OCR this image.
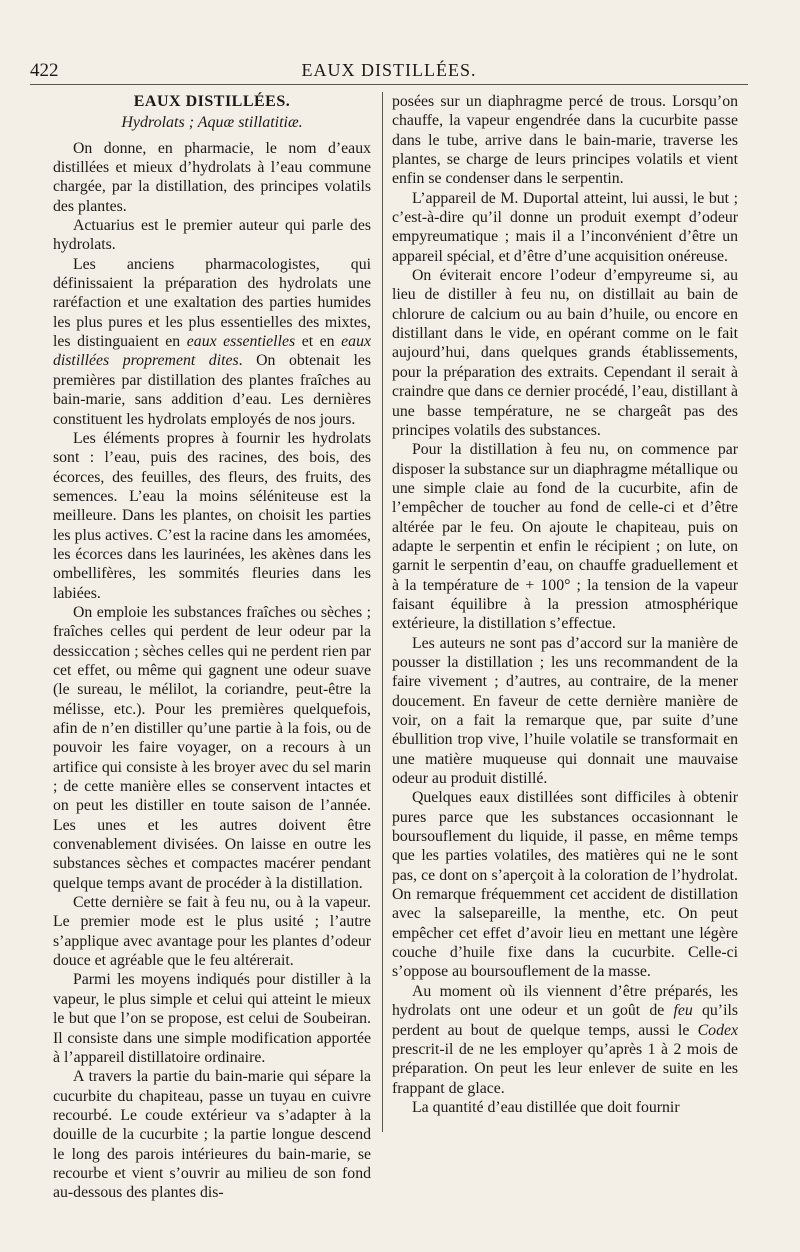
422	EAUX DISTILLÉES.
EAUX DISTILLÉES.
Hydrolats ; Aquæ stillatitiæ.

On donne, en pharmacie, le nom d’eaux distillées et mieux d’hydrolats à l’eau commune chargée, par la distillation, des principes volatils des plantes.

Actuarius est le premier auteur qui parle des hydrolats.

Les anciens pharmacologistes, qui définissaient la préparation des hydrolats une raréfaction et une exaltation des parties humides les plus pures et les plus essentielles des mixtes, les distinguaient en eaux essentielles et en eaux distillées proprement dites. On obtenait les premières par distillation des plantes fraîches au bain-marie, sans addition d’eau. Les dernières constituent les hydrolats employés de nos jours.

Les éléments propres à fournir les hydrolats sont : l’eau, puis des racines, des bois, des écorces, des feuilles, des fleurs, des fruits, des semences. L’eau la moins séléniteuse est la meilleure. Dans les plantes, on choisit les parties les plus actives. C’est la racine dans les amomées, les écorces dans les laurinées, les akènes dans les ombellifères, les sommités fleuries dans les labiées.

On emploie les substances fraîches ou sèches ; fraîches celles qui perdent de leur odeur par la dessiccation ; sèches celles qui ne perdent rien par cet effet, ou même qui gagnent une odeur suave (le sureau, le mélilot, la coriandre, peut-être la mélisse, etc.). Pour les premières quelquefois, afin de n’en distiller qu’une partie à la fois, ou de pouvoir les faire voyager, on a recours à un artifice qui consiste à les broyer avec du sel marin ; de cette manière elles se conservent intactes et on peut les distiller en toute saison de l’année. Les unes et les autres doivent être convenablement divisées. On laisse en outre les substances sèches et compactes macérer pendant quelque temps avant de procéder à la distillation.

Cette dernière se fait à feu nu, ou à la vapeur. Le premier mode est le plus usité ; l’autre s’applique avec avantage pour les plantes d’odeur douce et agréable que le feu altérerait.

Parmi les moyens indiqués pour distiller à la vapeur, le plus simple et celui qui atteint le mieux le but que l’on se propose, est celui de Soubeiran. Il consiste dans une simple modification apportée à l’appareil distillatoire ordinaire.

A travers la partie du bain-marie qui sépare la cucurbite du chapiteau, passe un tuyau en cuivre recourbé. Le coude extérieur va s’adapter à la douille de la cucurbite ; la partie longue descend le long des parois intérieures du bain-marie, se recourbe et vient s’ouvrir au milieu de son fond au-dessous des plantes dis-

posées sur un diaphragme percé de trous. Lorsqu’on chauffe, la vapeur engendrée dans la cucurbite passe dans le tube, arrive dans le bain-marie, traverse les plantes, se charge de leurs principes volatils et vient enfin se condenser dans le serpentin.

L’appareil de M. Duportal atteint, lui aussi, le but ; c’est-à-dire qu’il donne un produit exempt d’odeur empyreumatique ; mais il a l’inconvénient d’être un appareil spécial, et d’être d’une acquisition onéreuse.

On éviterait encore l’odeur d’empyreume si, au lieu de distiller à feu nu, on distillait au bain de chlorure de calcium ou au bain d’huile, ou encore en distillant dans le vide, en opérant comme on le fait aujourd’hui, dans quelques grands établissements, pour la préparation des extraits. Cependant il serait à craindre que dans ce dernier procédé, l’eau, distillant à une basse température, ne se chargeât pas des principes volatils des substances.

Pour la distillation à feu nu, on commence par disposer la substance sur un diaphragme métallique ou une simple claie au fond de la cucurbite, afin de l’empêcher de toucher au fond de celle-ci et d’être altérée par le feu. On ajoute le chapiteau, puis on adapte le serpentin et enfin le récipient ; on lute, on garnit le serpentin d’eau, on chauffe graduellement et à la température de + 100° ; la tension de la vapeur faisant équilibre à la pression atmosphérique extérieure, la distillation s’effectue.

Les auteurs ne sont pas d’accord sur la manière de pousser la distillation ; les uns recommandent de la faire vivement ; d’autres, au contraire, de la mener doucement. En faveur de cette dernière manière de voir, on a fait la remarque que, par suite d’une ébullition trop vive, l’huile volatile se transformait en une matière muqueuse qui donnait une mauvaise odeur au produit distillé.

Quelques eaux distillées sont difficiles à obtenir pures parce que les substances occasionnant le boursouflement du liquide, il passe, en même temps que les parties volatiles, des matières qui ne le sont pas, ce dont on s’aperçoit à la coloration de l’hydrolat. On remarque fréquemment cet accident de distillation avec la salsepareille, la menthe, etc. On peut empêcher cet effet d’avoir lieu en mettant une légère couche d’huile fixe dans la cucurbite. Celle-ci s’oppose au boursouflement de la masse.

Au moment où ils viennent d’être préparés, les hydrolats ont une odeur et un goût de feu qu’ils perdent au bout de quelque temps, aussi le Codex prescrit-il de ne les employer qu’après 1 à 2 mois de préparation. On peut les leur enlever de suite en les frappant de glace.

La quantité d’eau distillée que doit fournir
